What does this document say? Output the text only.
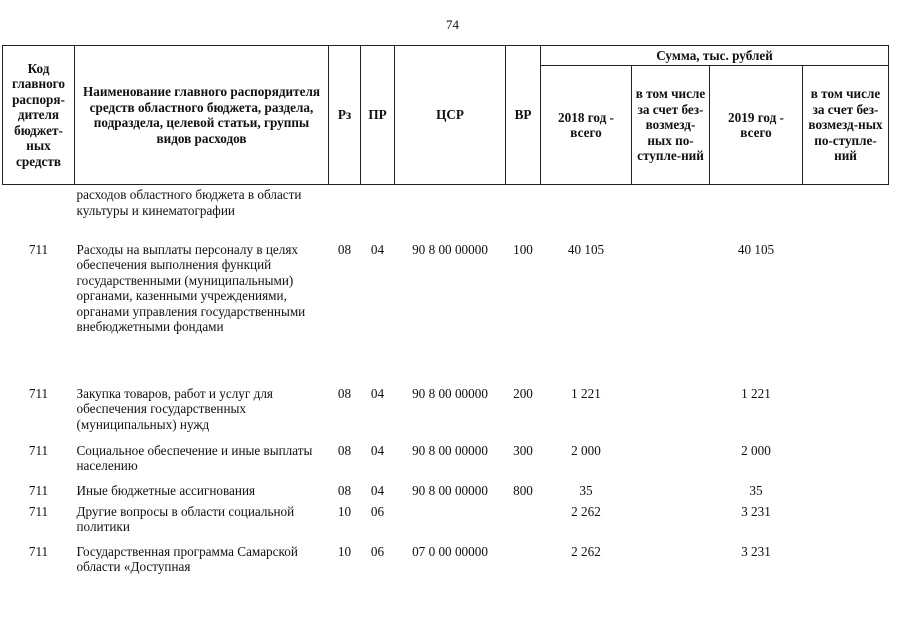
74
Код главного распоря-дителя бюджет-ных средств	Наименование главного распорядителя средств областного бюджета, раздела, подраздела, целевой статьи, группы видов расходов	Рз	ПР	ЦСР	ВР	Сумма, тыс. рублей			
						2018 год - всего	в том числе за счет без-возмезд-ных по-ступле-ний	2019 год - всего	в том числе за счет без-возмезд-ных по-ступле-ний
	расходов областного бюджета в области культуры и кинематографии								
711	Расходы на выплаты персоналу в целях обеспечения выполнения функций государственными (муниципальными) органами, казенными учреждениями, органами управления государственными внебюджетными фондами	08	04	90 8 00 00000	100	40 105		40 105	
711	Закупка товаров, работ и услуг для обеспечения государственных (муниципальных) нужд	08	04	90 8 00 00000	200	1 221		1 221	
711	Социальное обеспечение и иные выплаты населению	08	04	90 8 00 00000	300	2 000		2 000	
711	Иные бюджетные ассигнования	08	04	90 8 00 00000	800	35		35	
711	Другие вопросы в области социальной политики	10	06			2 262		3 231	
711	Государственная программа Самарской области «Доступная	10	06	07 0 00 00000		2 262		3 231	
